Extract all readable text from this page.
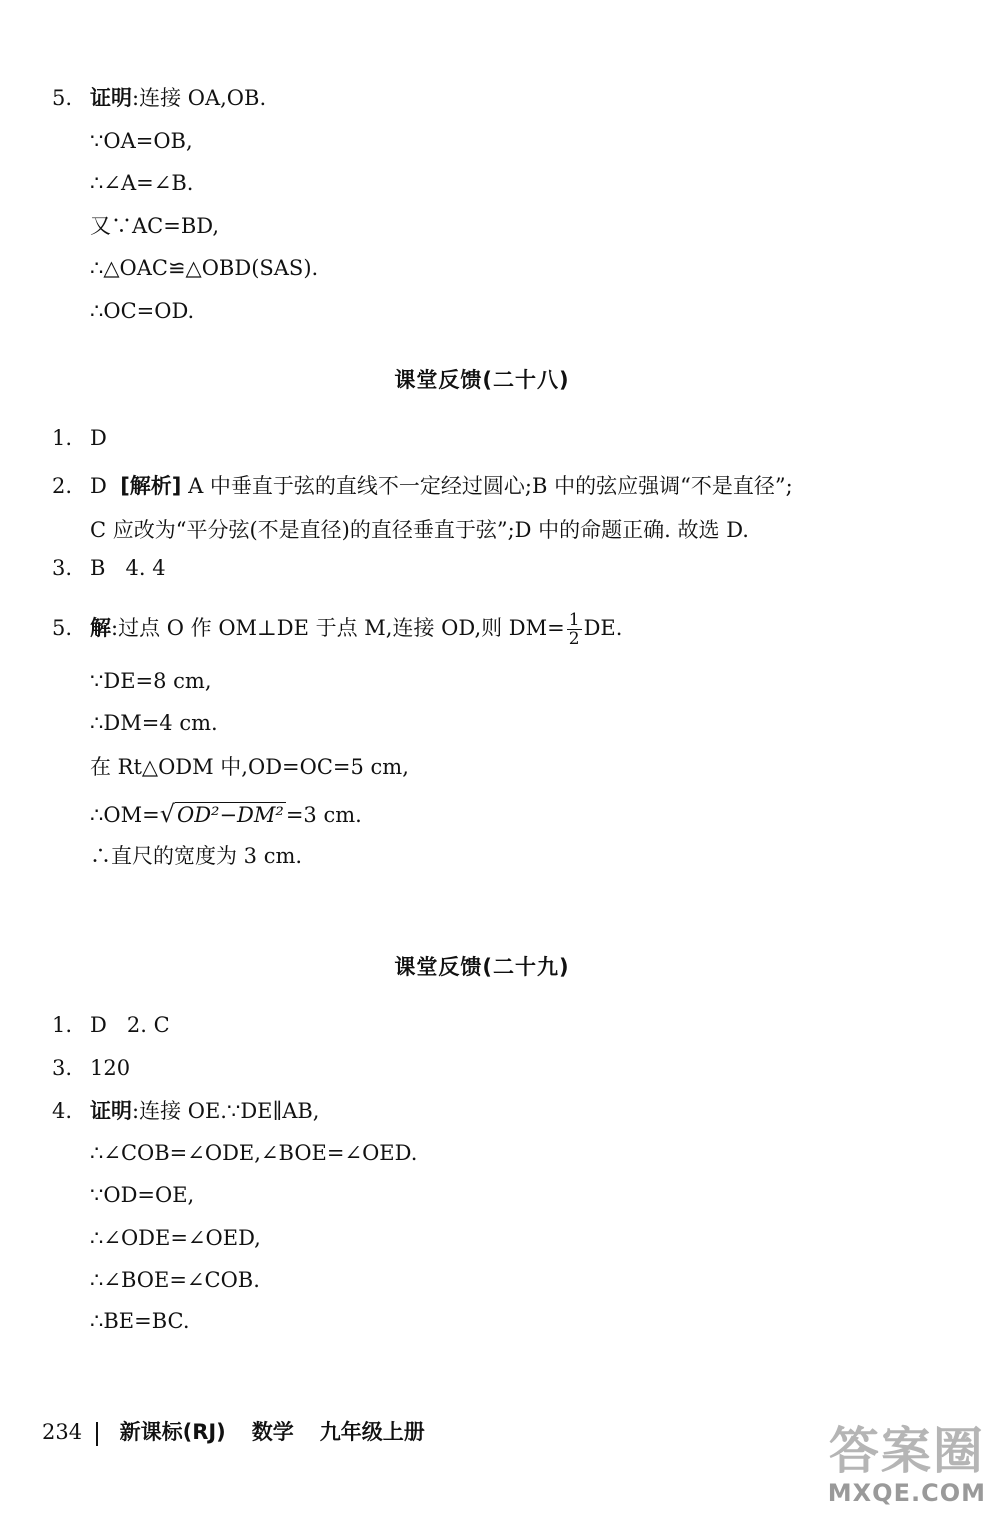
5. 证明:连接 OA,OB.
∵OA=OB,
∴∠A=∠B.
又∵AC=BD,
∴△OAC≌△OBD(SAS).
∴OC=OD.
课堂反馈(二十八)
1. D
2. D [解析] A 中垂直于弦的直线不一定经过圆心;B 中的弦应强调“不是直径”;
C 应改为“平分弦(不是直径)的直径垂直于弦”;D 中的命题正确. 故选 D.
3. B 4. 4
5. 解:过点 O 作 OM⊥DE 于点 M,连接 OD,则 $DM= \frac{1}{2}$ DE.
∵DE=8 cm,
∴DM=4 cm.
在 Rt△ODM 中,OD=OC=5 cm,
∴OM=√OD²−DM²=3 cm.
∴直尺的宽度为 3 cm.
课堂反馈(二十九)
1. D 2. C
3. 120
4. 证明:连接 OE.∵DE∥AB,
∴∠COB=∠ODE,∠BOE=∠OED.
∵OD=OE,
∴∠ODE=∠OED,
∴∠BOE=∠COB.
∴BE=BC.
234 新课标(RJ) 数学 九年级上册	答案圈
MXQE.COM
